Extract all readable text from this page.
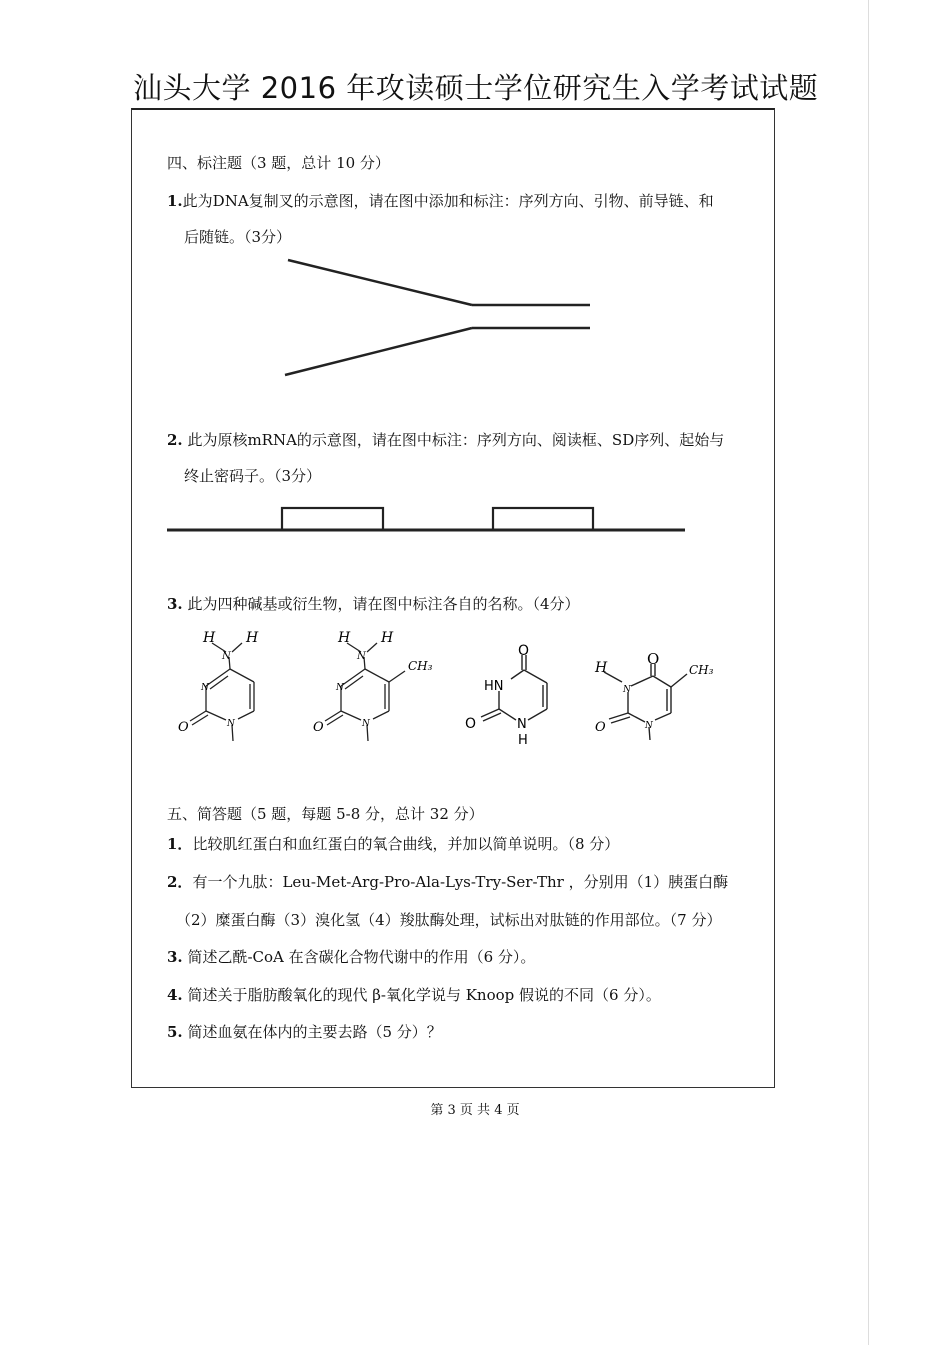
汕头大学 2016 年攻读硕士学位研究生入学考试试题
四、标注题（3 题，总计 10 分）
1.此为DNA复制叉的示意图，请在图中添加和标注：序列方向、引物、前导链、和
后随链。（3分）
2. 此为原核mRNA的示意图，请在图中标注：序列方向、阅读框、SD序列、起始与
终止密码子。（3分）
3. 此为四种碱基或衍生物，请在图中标注各自的名称。（4分）
H
N
H
N
N
O
H
N
H
CH₃
N
N
O
O
HN
N
H
O
H	O
CH₃
N
N
O
五、简答题（5 题，每题 5-8 分，总计 32 分）
1．比较肌红蛋白和血红蛋白的氧合曲线，并加以简单说明。（8 分）
2．有一个九肽：Leu-Met-Arg-Pro-Ala-Lys-Try-Ser-Thr ，分别用（1）胰蛋白酶
（2）糜蛋白酶（3）溴化氢（4）羧肽酶处理，试标出对肽链的作用部位。（7 分）
3. 简述乙酰-CoA 在含碳化合物代谢中的作用（6 分）。
4. 简述关于脂肪酸氧化的现代 β-氧化学说与 Knoop 假说的不同（6 分）。
5. 简述血氨在体内的主要去路（5 分）？
第 3 页 共 4 页
